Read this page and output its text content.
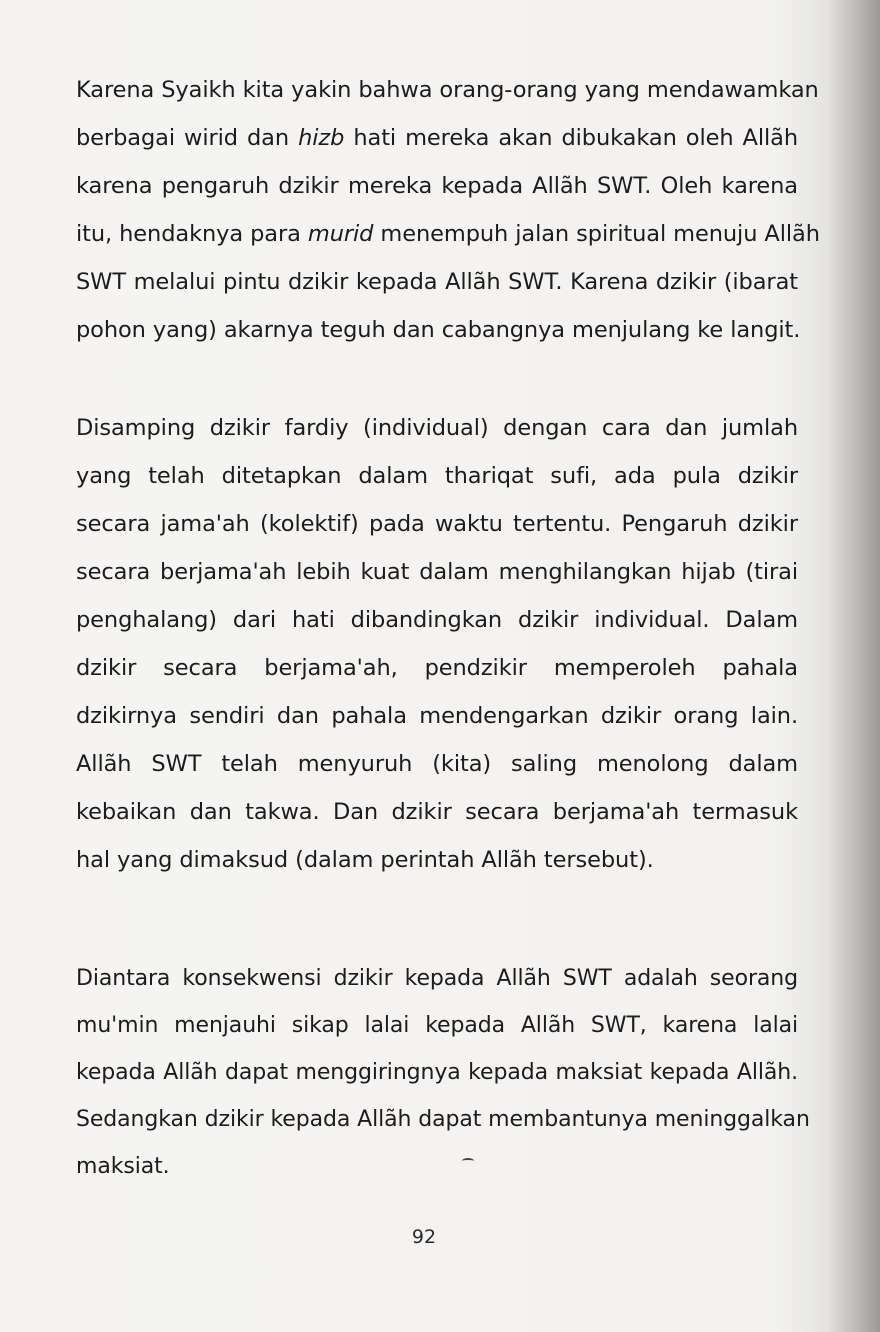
Karena Syaikh kita yakin bahwa orang-orang yang mendawamkan
berbagai wirid dan hizb hati mereka akan dibukakan oleh Allãh
karena pengaruh dzikir mereka kepada Allãh SWT. Oleh karena
itu, hendaknya para murid menempuh jalan spiritual menuju Allãh
SWT melalui pintu dzikir kepada Allãh SWT. Karena dzikir (ibarat
pohon yang) akarnya teguh dan cabangnya menjulang ke langit.
Disamping dzikir fardiy (individual) dengan cara dan jumlah
yang telah ditetapkan dalam thariqat sufi, ada pula dzikir
secara jama'ah (kolektif) pada waktu tertentu. Pengaruh dzikir
secara berjama'ah lebih kuat dalam menghilangkan hijab (tirai
penghalang) dari hati dibandingkan dzikir individual. Dalam
dzikir secara berjama'ah, pendzikir memperoleh pahala
dzikirnya sendiri dan pahala mendengarkan dzikir orang lain.
Allãh SWT telah menyuruh (kita) saling menolong dalam
kebaikan dan takwa. Dan dzikir secara berjama'ah termasuk
hal yang dimaksud (dalam perintah Allãh tersebut).
Diantara konsekwensi dzikir kepada Allãh SWT adalah seorang
mu'min menjauhi sikap lalai kepada Allãh SWT, karena lalai
kepada Allãh dapat menggiringnya kepada maksiat kepada Allãh.
Sedangkan dzikir kepada Allãh dapat membantunya meninggalkan
maksiat.
92
